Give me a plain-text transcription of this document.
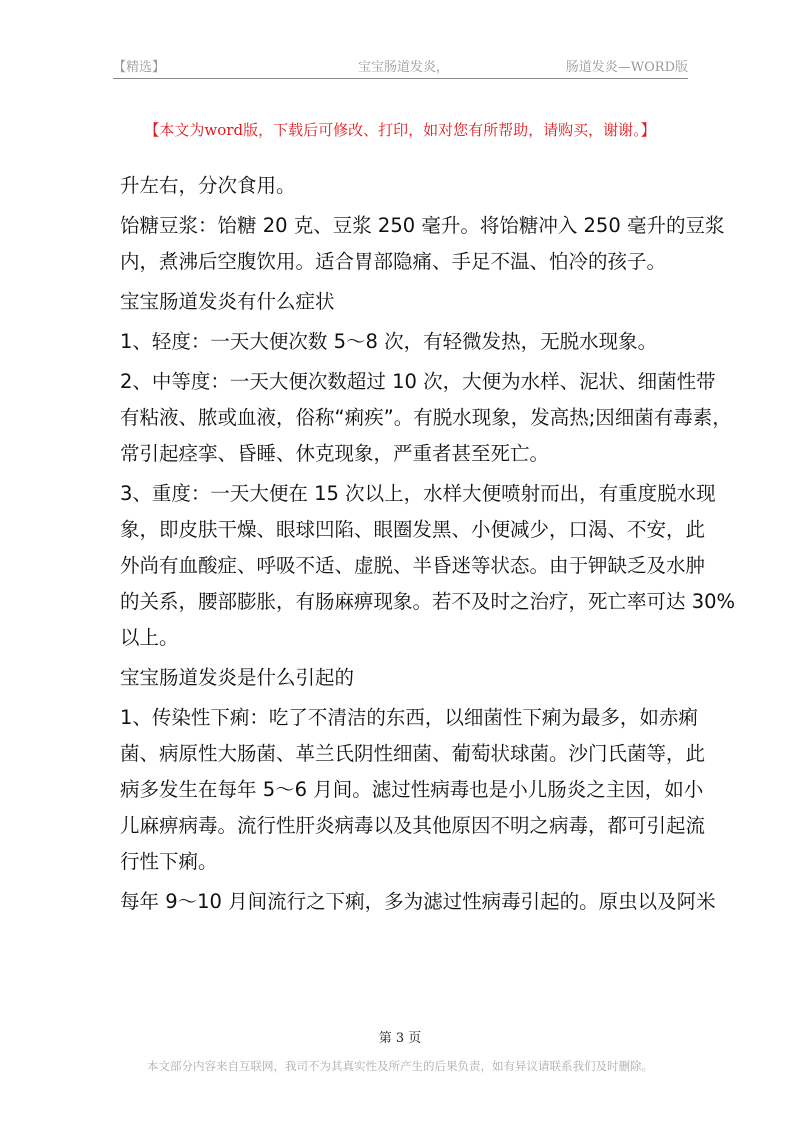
【精选】	宝宝肠道发炎，	肠道发炎—WORD版
【本文为word版，下载后可修改、打印，如对您有所帮助，请购买，谢谢。】
升左右，分次食用。
饴糖豆浆：饴糖 20 克、豆浆 250 毫升。将饴糖冲入 250 毫升的豆浆
内，煮沸后空腹饮用。适合胃部隐痛、手足不温、怕冷的孩子。
宝宝肠道发炎有什么症状
1、轻度：一天大便次数 5～8 次，有轻微发热，无脱水现象。
2、中等度：一天大便次数超过 10 次，大便为水样、泥状、细菌性带
有粘液、脓或血液，俗称“痢疾”。有脱水现象，发高热;因细菌有毒素，
常引起痉挛、昏睡、休克现象，严重者甚至死亡。
3、重度：一天大便在 15 次以上，水样大便喷射而出，有重度脱水现
象，即皮肤干燥、眼球凹陷、眼圈发黑、小便减少，口渴、不安，此
外尚有血酸症、呼吸不适、虚脱、半昏迷等状态。由于钾缺乏及水肿
的关系，腰部膨胀，有肠麻痹现象。若不及时之治疗，死亡率可达 30%
以上。
宝宝肠道发炎是什么引起的
1、传染性下痢：吃了不清洁的东西，以细菌性下痢为最多，如赤痢
菌、病原性大肠菌、革兰氏阴性细菌、葡萄状球菌。沙门氏菌等，此
病多发生在每年 5～6 月间。滤过性病毒也是小儿肠炎之主因，如小
儿麻痹病毒。流行性肝炎病毒以及其他原因不明之病毒，都可引起流
行性下痢。
每年 9～10 月间流行之下痢，多为滤过性病毒引起的。原虫以及阿米
第 3 页
本文部分内容来自互联网，我司不为其真实性及所产生的后果负责，如有异议请联系我们及时删除。
